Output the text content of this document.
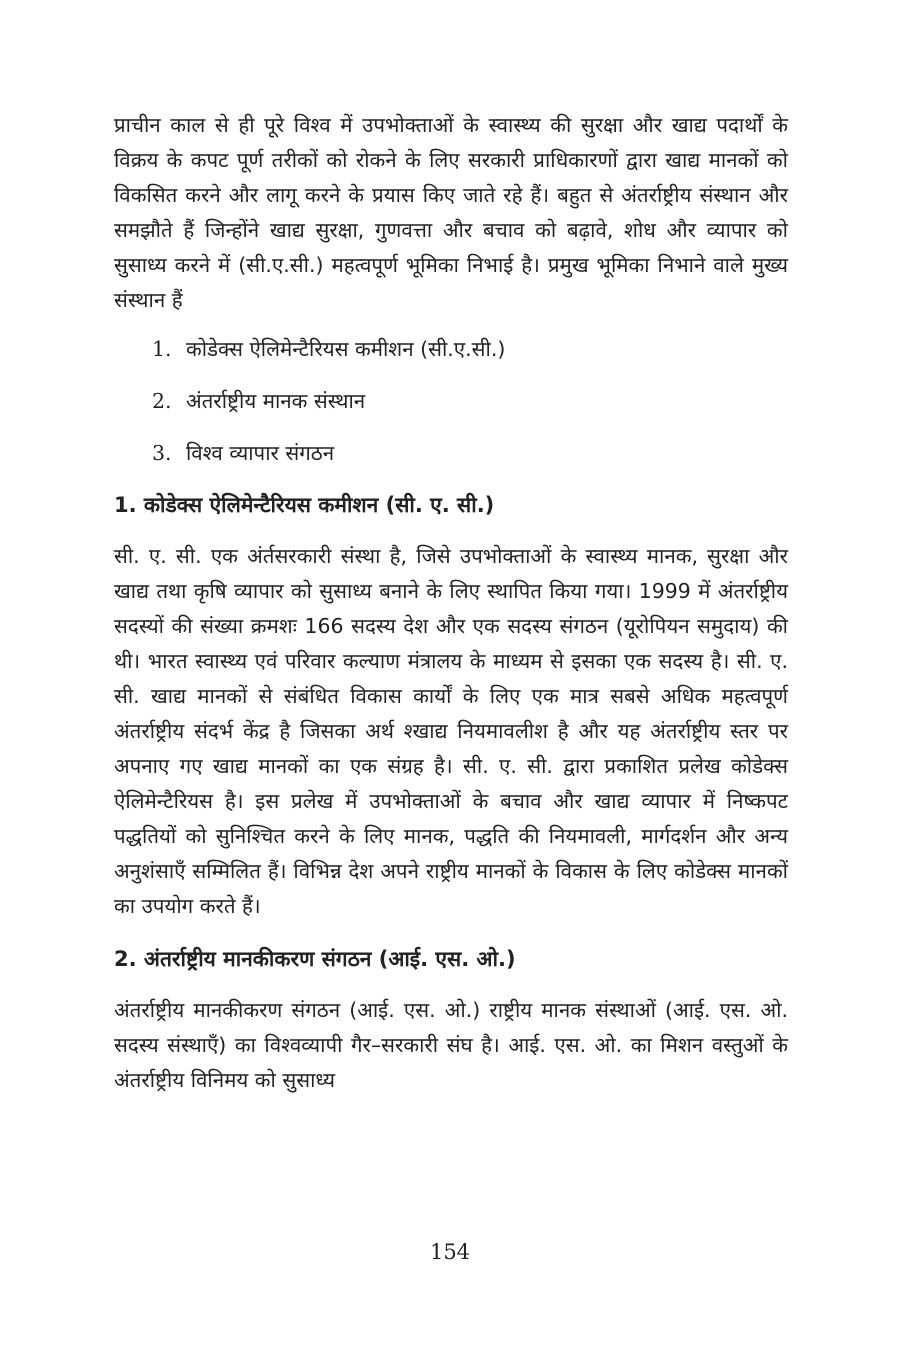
प्राचीन काल से ही पूरे विश्व में उपभोक्ताओं के स्वास्थ्य की सुरक्षा और खाद्य पदार्थों के विक्रय के कपट पूर्ण तरीकों को रोकने के लिए सरकारी प्राधिकारणों द्वारा खाद्य मानकों को विकसित करने और लागू करने के प्रयास किए जाते रहे हैं। बहुत से अंतर्राष्ट्रीय संस्थान और समझौते हैं जिन्होंने खाद्य सुरक्षा, गुणवत्ता और बचाव को बढ़ावे, शोध और व्यापार को सुसाध्य करने में (सी.ए.सी.) महत्वपूर्ण भूमिका निभाई है। प्रमुख भूमिका निभाने वाले मुख्य संस्थान हैं

1. कोडेक्स ऐलिमेन्टैरियस कमीशन (सी.ए.सी.)
2. अंतर्राष्ट्रीय मानक संस्थान
3. विश्व व्यापार संगठन
1. कोडेक्स ऐलिमेन्टैरियस कमीशन (सी. ए. सी.)

सी. ए. सी. एक अंर्तसरकारी संस्था है, जिसे उपभोक्ताओं के स्वास्थ्य मानक, सुरक्षा और खाद्य तथा कृषि व्यापार को सुसाध्य बनाने के लिए स्थापित किया गया। 1999 में अंतर्राष्ट्रीय सदस्यों की संख्या क्रमशः 166 सदस्य देश और एक सदस्य संगठन (यूरोपियन समुदाय) की थी। भारत स्वास्थ्य एवं परिवार कल्याण मंत्रालय के माध्यम से इसका एक सदस्य है। सी. ए. सी. खाद्य मानकों से संबंधित विकास कार्यों के लिए एक मात्र सबसे अधिक महत्वपूर्ण अंतर्राष्ट्रीय संदर्भ केंद्र है जिसका अर्थ श्खाद्य नियमावलीश है और यह अंतर्राष्ट्रीय स्तर पर अपनाए गए खाद्य मानकों का एक संग्रह है। सी. ए. सी. द्वारा प्रकाशित प्रलेख कोडेक्स ऐलिमेन्टैरियस है। इस प्रलेख में उपभोक्ताओं के बचाव और खाद्य व्यापार में निष्कपट पद्धतियों को सुनिश्चित करने के लिए मानक, पद्धति की नियमावली, मार्गदर्शन और अन्य अनुशंसाएँ सम्मिलित हैं। विभिन्न देश अपने राष्ट्रीय मानकों के विकास के लिए कोडेक्स मानकों का उपयोग करते हैं।

2. अंतर्राष्ट्रीय मानकीकरण संगठन (आई. एस. ओ.)

अंतर्राष्ट्रीय मानकीकरण संगठन (आई. एस. ओ.) राष्ट्रीय मानक संस्थाओं (आई. एस. ओ. सदस्य संस्थाएँ) का विश्वव्यापी गैर–सरकारी संघ है। आई. एस. ओ. का मिशन वस्तुओं के अंतर्राष्ट्रीय विनिमय को सुसाध्य

154
